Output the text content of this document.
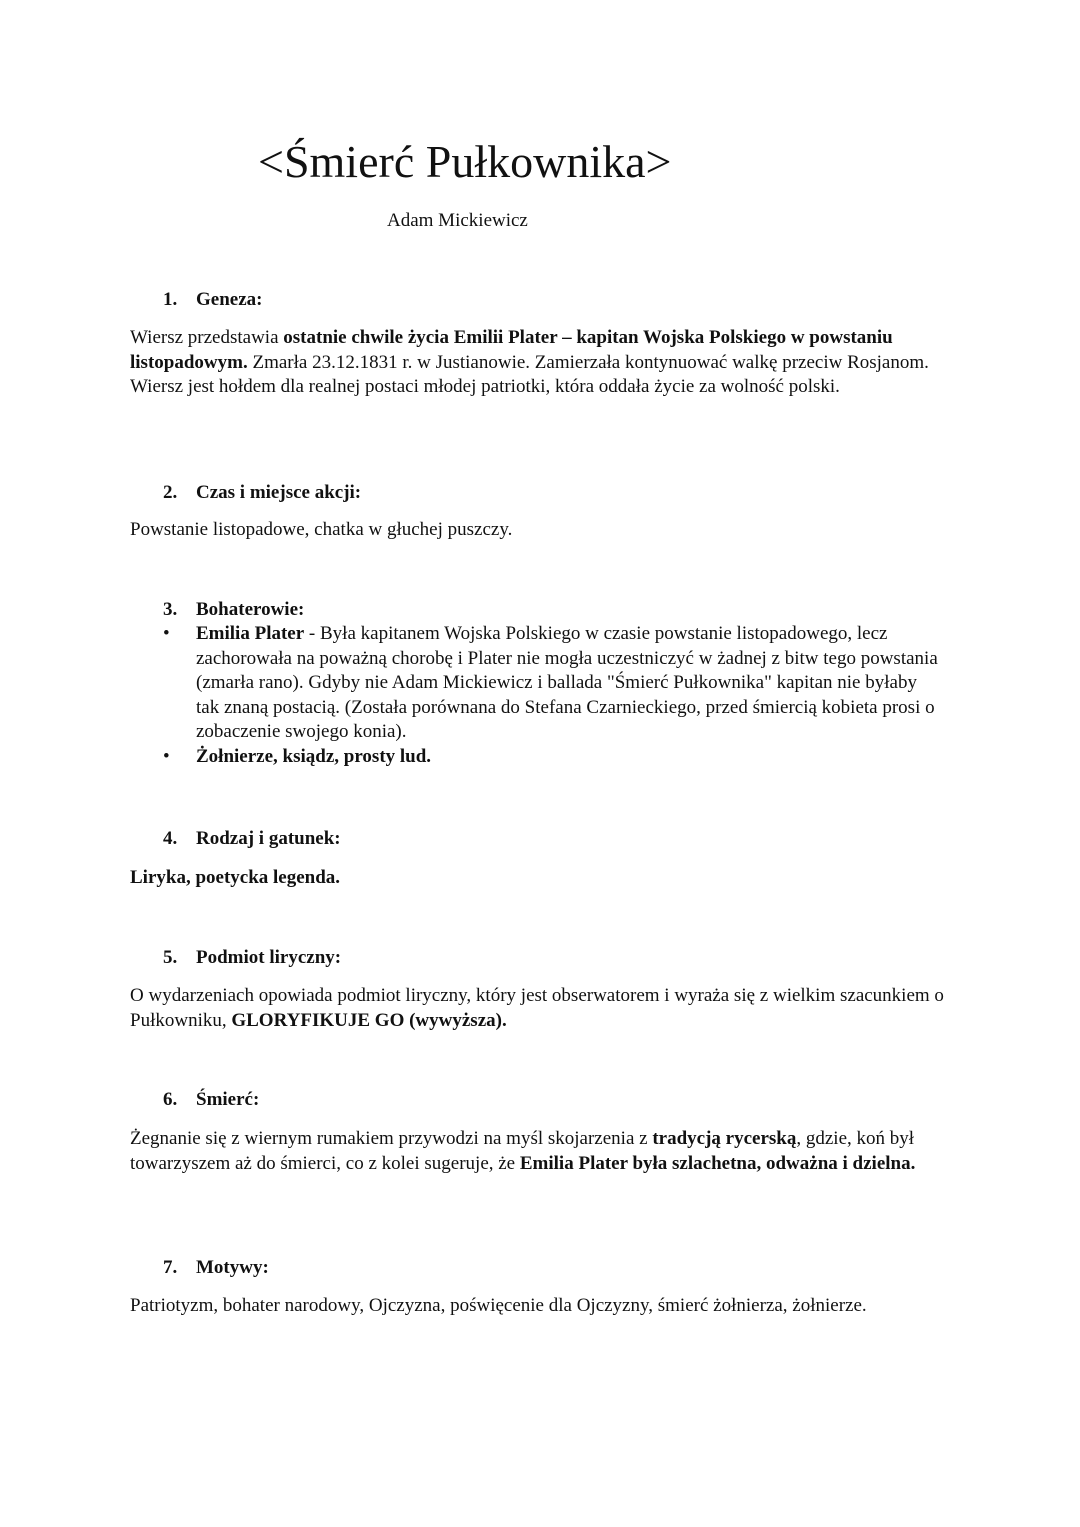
<Śmierć Pułkownika>
Adam Mickiewicz
1. Geneza:
Wiersz przedstawia ostatnie chwile życia Emilii Plater – kapitan Wojska Polskiego w powstaniu listopadowym. Zmarła 23.12.1831 r. w Justianowie. Zamierzała kontynuować walkę przeciw Rosjanom. Wiersz jest hołdem dla realnej postaci młodej patriotki, która oddała życie za wolność polski.
2. Czas i miejsce akcji:
Powstanie listopadowe, chatka w głuchej puszczy.
3. Bohaterowie:
•	Emilia Plater - Była kapitanem Wojska Polskiego w czasie powstanie listopadowego, lecz zachorowała na poważną chorobę i Plater nie mogła uczestniczyć w żadnej z bitw tego powstania (zmarła rano). Gdyby nie Adam Mickiewicz i ballada "Śmierć Pułkownika" kapitan nie byłaby tak znaną postacią. (Została porównana do Stefana Czarnieckiego, przed śmiercią kobieta prosi o zobaczenie swojego konia).
•	Żołnierze, ksiądz, prosty lud.
4. Rodzaj i gatunek:
Liryka, poetycka legenda.
5. Podmiot liryczny:
O wydarzeniach opowiada podmiot liryczny, który jest obserwatorem i wyraża się z wielkim szacunkiem o Pułkowniku, GLORYFIKUJE GO (wywyższa).
6. Śmierć:
Żegnanie się z wiernym rumakiem przywodzi na myśl skojarzenia z tradycją rycerską, gdzie, koń był towarzyszem aż do śmierci, co z kolei sugeruje, że Emilia Plater była szlachetna, odważna i dzielna.
7. Motywy:
Patriotyzm, bohater narodowy, Ojczyzna, poświęcenie dla Ojczyzny, śmierć żołnierza, żołnierze.
